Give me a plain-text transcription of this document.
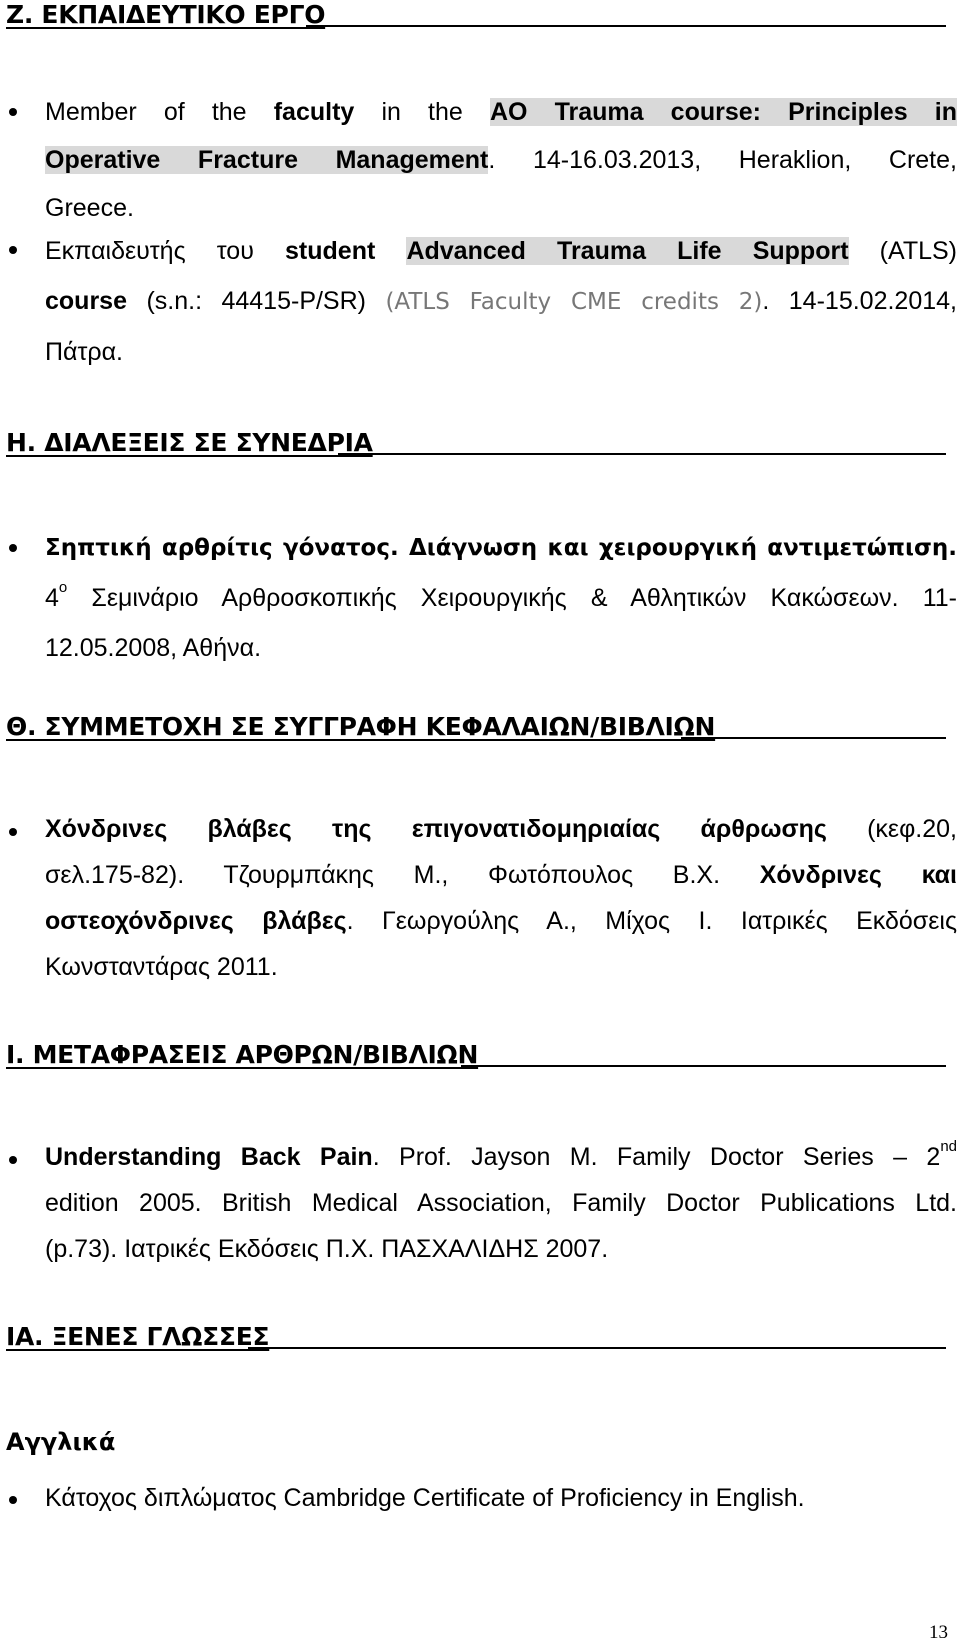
Ζ. ΕΚΠΑΙΔΕΥΤΙΚΟ ΕΡΓΟ
Member of the faculty in the AO Trauma course: Principles in
Operative Fracture Management. 14-16.03.2013, Heraklion, Crete,
Greece.
Εκπαιδευτής του student Advanced Trauma Life Support (ATLS)
course (s.n.: 44415-P/SR) (ATLS Faculty CME credits 2). 14-15.02.2014,
Πάτρα.
Η. ΔΙΑΛΕΞΕΙΣ ΣΕ ΣΥΝΕΔΡΙΑ
Σηπτική αρθρίτις γόνατος. Διάγνωση και χειρουργική αντιμετώπιση.
$4^o$ Σεμινάριο Αρθροσκοπικής Χειρουργικής & Αθλητικών Κακώσεων. 11-
12.05.2008, Αθήνα.
Θ. ΣΥΜΜΕΤΟΧΗ ΣΕ ΣΥΓΓΡΑΦΗ ΚΕΦΑΛΑΙΩΝ/ΒΙΒΛΙΩΝ
Χόνδρινες βλάβες της επιγονατιδομηριαίας άρθρωσης (κεφ.20,
σελ.175-82). Τζουρμπάκης Μ., Φωτόπουλος Β.Χ. Χόνδρινες και
οστεοχόνδρινες βλάβες. Γεωργούλης Α., Μίχος Ι. Ιατρικές Εκδόσεις
Κωνσταντάρας 2011.
Ι. ΜΕΤΑΦΡΑΣΕΙΣ ΑΡΘΡΩΝ/ΒΙΒΛΙΩΝ
Understanding Back Pain. Prof. Jayson M. Family Doctor Series – 2nd
edition 2005. British Medical Association, Family Doctor Publications Ltd.
(p.73). Ιατρικές Εκδόσεις Π.Χ. ΠΑΣΧΑΛΙΔΗΣ 2007.
ΙΑ. ΞΕΝΕΣ ΓΛΩΣΣΕΣ
Αγγλικά
Κάτοχος διπλώματος Cambridge Certificate of Proficiency in English.
13
